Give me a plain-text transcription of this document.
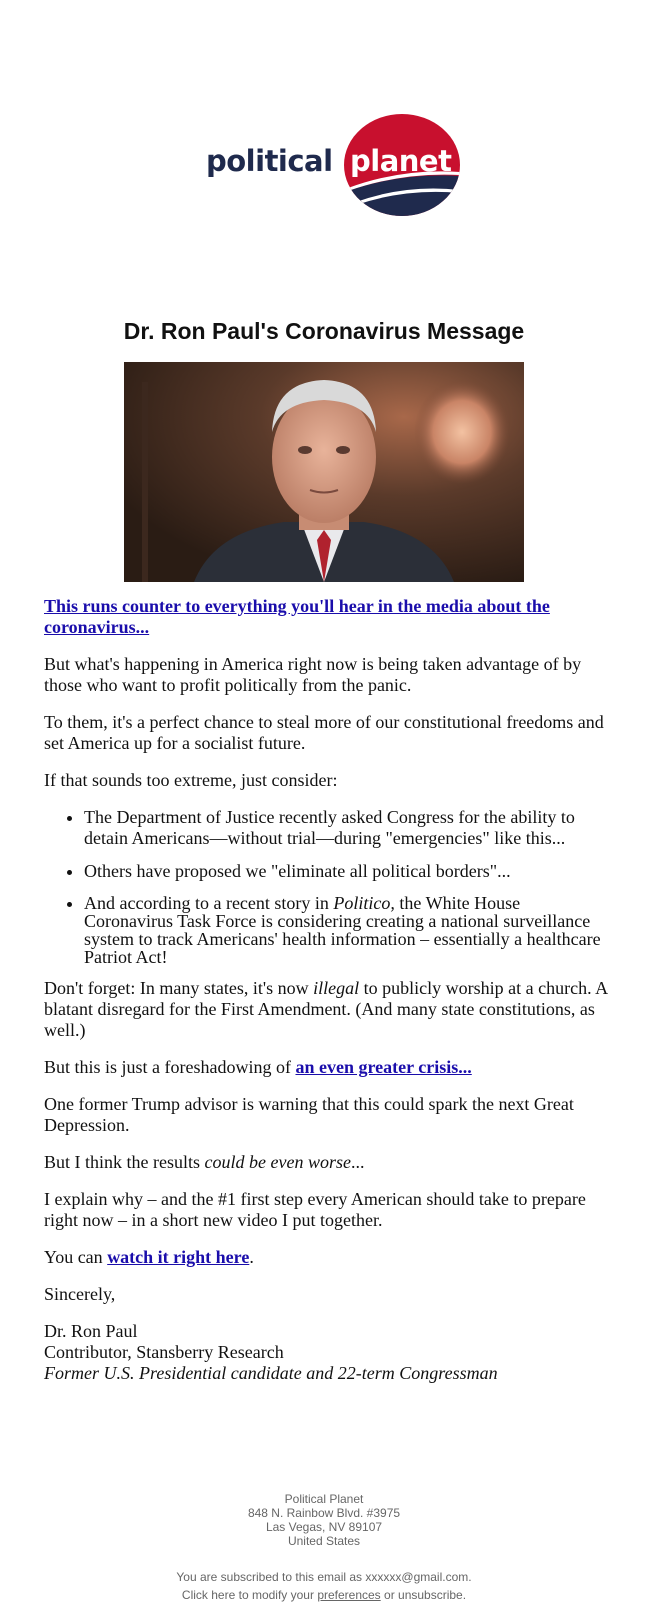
political planet
Dr. Ron Paul's Coronavirus Message

This runs counter to everything you'll hear in the media about the coronavirus...

But what's happening in America right now is being taken advantage of by those who want to profit politically from the panic.

To them, it's a perfect chance to steal more of our constitutional freedoms and set America up for a socialist future.

If that sounds too extreme, just consider:

• The Department of Justice recently asked Congress for the ability to detain Americans—without trial—during "emergencies" like this...
• Others have proposed we "eliminate all political borders"...
• And according to a recent story in Politico, the White House Coronavirus Task Force is considering creating a national surveillance system to track Americans' health information – essentially a healthcare Patriot Act!

Don't forget: In many states, it's now illegal to publicly worship at a church. A blatant disregard for the First Amendment. (And many state constitutions, as well.)

But this is just a foreshadowing of an even greater crisis...

One former Trump advisor is warning that this could spark the next Great Depression.

But I think the results could be even worse...

I explain why – and the #1 first step every American should take to prepare right now – in a short new video I put together.

You can watch it right here.

Sincerely,

Dr. Ron Paul

Contributor, Stansberry Research

Former U.S. Presidential candidate and 22-term Congressman

Political Planet
848 N. Rainbow Blvd. #3975
Las Vegas, NV 89107
United States
You are subscribed to this email as xxxxxx@gmail.com.
Click here to modify your preferences or unsubscribe.
